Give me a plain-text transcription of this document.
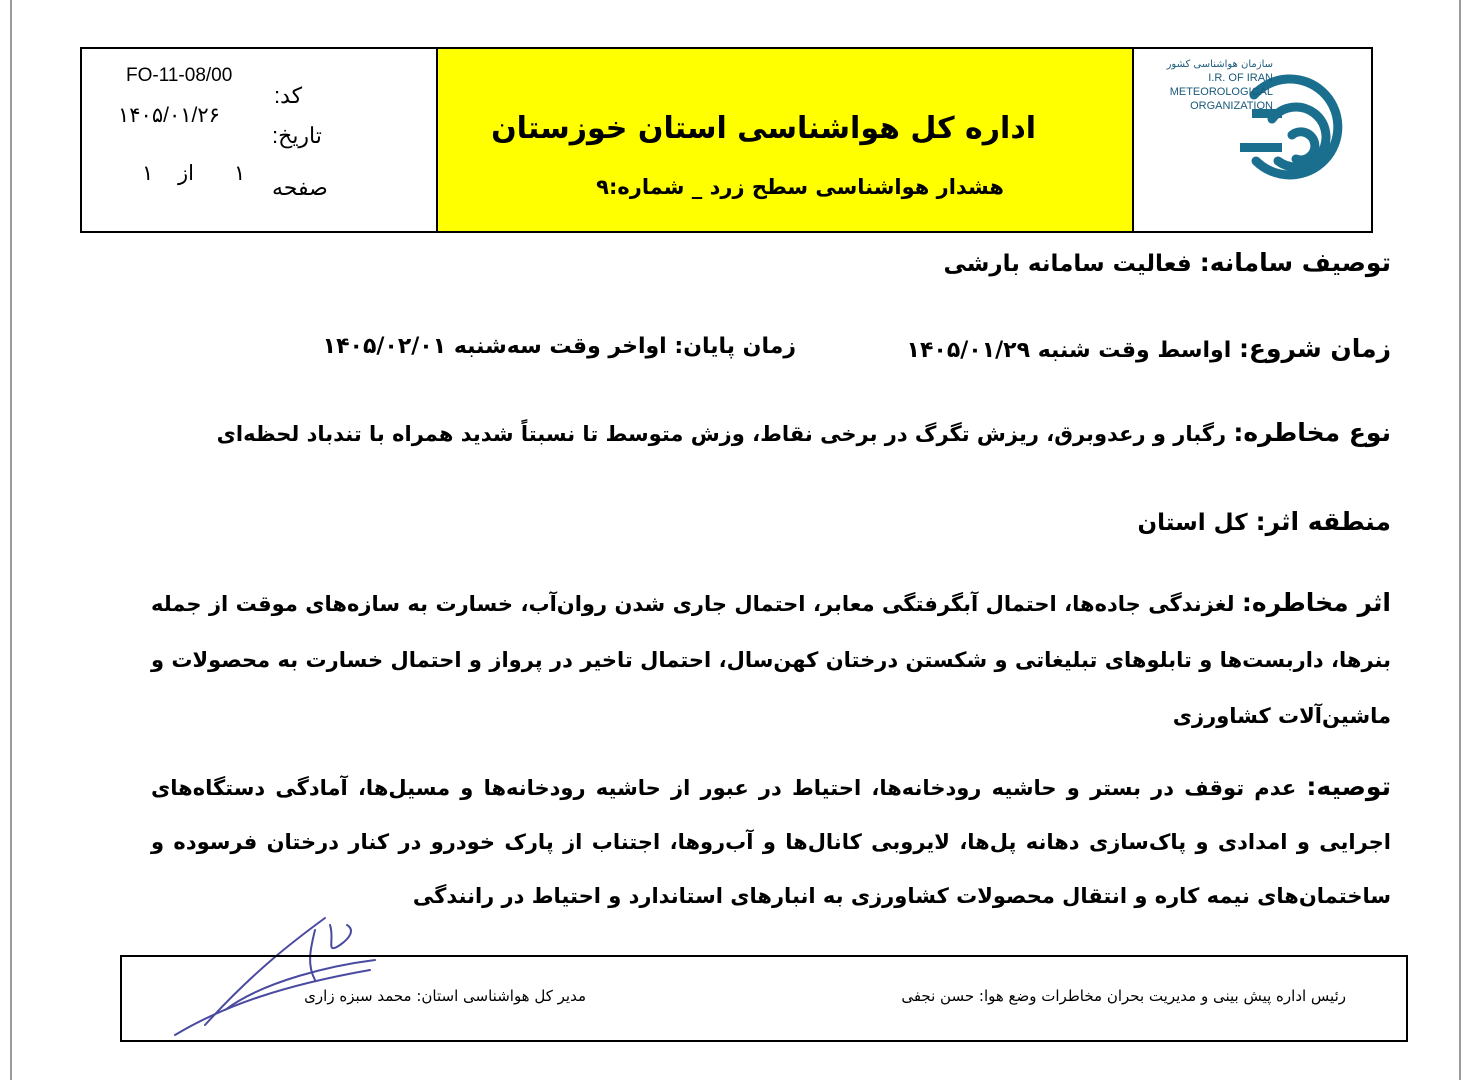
FO-11-08/00
کد:
۱۴۰۵/۰۱/۲۶
تاریخ:
۱ از ۱
صفحه
اداره کل هواشناسی استان خوزستان
هشدار هواشناسی سطح زرد _ شماره:۹
سازمان هواشناسی کشور
I.R. OF IRAN
METEOROLOGICAL
ORGANIZATION
توصیف سامانه: فعالیت سامانه بارشی
زمان شروع: اواسط وقت شنبه ۱۴۰۵/۰۱/۲۹
زمان پایان: اواخر وقت سه‌شنبه ۱۴۰۵/۰۲/۰۱
نوع مخاطره: رگبار و رعدوبرق، ریزش تگرگ در برخی نقاط، وزش متوسط تا نسبتاً شدید همراه با تندباد لحظه‌ای
منطقه اثر: کل استان
اثر مخاطره: لغزندگی جاده‌ها، احتمال آبگرفتگی معابر، احتمال جاری شدن روان‌آب، خسارت به سازه‌های موقت از جمله بنرها، داربست‌ها و تابلوهای تبلیغاتی و شکستن درختان کهن‌سال، احتمال تاخیر در پرواز و احتمال خسارت به محصولات و ماشین‌آلات کشاورزی
توصیه: عدم توقف در بستر و حاشیه رودخانه‌ها، احتیاط در عبور از حاشیه رودخانه‌ها و مسیل‌ها، آمادگی دستگاه‌های اجرایی و امدادی و پاک‌سازی دهانه پل‌ها، لایروبی کانال‌ها و آب‌روها، اجتناب از پارک خودرو در کنار درختان فرسوده و ساختمان‌های نیمه کاره و انتقال محصولات کشاورزی به انبارهای استاندارد و احتیاط در رانندگی
رئیس اداره پیش بینی و مدیریت بحران مخاطرات وضع هوا: حسن نجفی
مدیر کل هواشناسی استان: محمد سبزه زاری
